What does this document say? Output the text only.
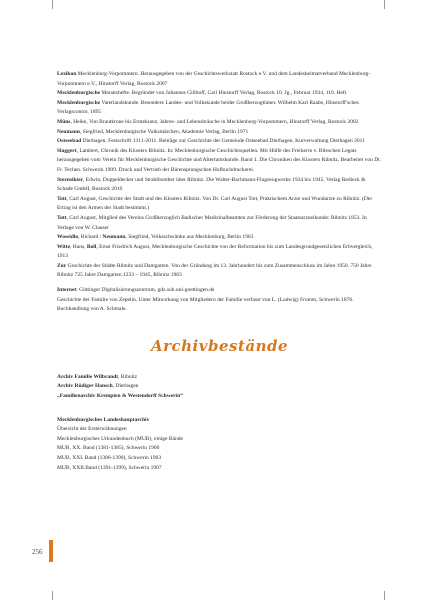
Lexikon Mecklenburg-Vorpommern. Herausgegeben von der Geschichtswerkstatt Rostock e.V. und dem Landesheimatverband Mecklenburg-Vorpommern e.V., Hinstorff Verlag, Rostock 2007

Mecklenburgische Monatshefte. Begründet von Johannes Gillhoff, Carl Hinstorff Verlag, Rostock 10. Jg., Februar 1934, 110. Heft

Mecklenburgische Vaterlandskunde. Besondere Landes- und Volkskunde beider Großherzogtümer. Wilhelm Karl Raabe, Hinstorff'sches Verlagscontor, 1895

Müns, Heike, Von Brautkrone bis Erntekranz, Jahres- und Lebensbräuche in Mecklenburg-Vorpommern, Hinstorff Verlag, Rostock 2002

Neumann, Siegfried, Mecklenburgische Volksmärchen, Akademie Verlag, Berlin 1971

Ostseebad Dierhagen, Festschrift 1311-2011. Beiträge zur Geschichte der Gemeinde Ostseebad Dierhagen, Kurverwaltung Dierhagen 2011

Slaggert, Lambert, Chronik des Klosters Ribnitz. In: Mecklenburgische Geschichtsquellen. Mit Hülfe des Freiherrn v. Bileschen Legats herausgegeben vom Verein für Mecklenburgische Geschichte und Altertumskunde. Band 1. Die Chroniken des Klosters Ribnitz. Bearbeitet von Dr. Fr. Techen. Schwerin 1909. Druck und Vertrieb der Bärensprungschen Hofbuchdruckerei.

Sternsikier, Edwin, Doppeldecker und Strahlbomber über Ribnitz. Die Walter-Bachmann-Flugzeugwerke 1934 bis 1945, Verlag Redieck & Schade GmbH, Rostock 2010

Tott, Carl August, Geschichte der Stadt und des Klosters Ribnitz. Von Dr. Carl August Tott, Praktischem Arzte und Wundarzte zu Ribnitz. (Der Ertrag ist den Armen der Stadt bestimmt.)

Tott, Carl August, Mitglied des Vereins Großherzoglich Badischer Medizinalbeamten zur Förderung der Staatsarzneikunde: Ribnitz 1853. In Verlage von W. Clauser

Wossidlo, Richard / Neumann, Siegfried, Volksschwänke aus Mecklenburg, Berlin 1963

Witte, Hans, Boll, Ernst Friedrich August, Mecklenburgische Geschichte von der Reformation bis zum Landesgrundgesetzlichen Erbvergleich, 1913

Zur Geschichte der Städte Ribnitz und Damgarten. Von der Gründung im 13. Jahrhundert bis zum Zusammenschluss im Jahre 1950. 750 Jahre Ribnitz 725 Jahre Damgarten.1233 – 1945, Ribnitz 1983

Internet: Göttinger Digitalisierungszentrum, gdz.sub.uni-goettingen.de

Geschichte der Familie von Zepelin. Unter Mitwirkung von Mitgliedern der Familie verfasst von L. (Ludwig) Fromm, Schwerin 1876. Buchhandlung von A. Schmale.

Archivbestände

Archiv Familie Wilbrandt, Ribnitz

Archiv Rüdiger Hansch, Dierhagen

„Familienarchiv Krempien & Westendorff Schwerin“

Mecklenburgisches Landeshauptarchiv

Übersicht der Ersterwähnungen

Mecklenburgisches Urkundenbuch (MUB), einige Bände

MUB, XX. Band (1381-1385), Schwerin 1900

MUB, XXI. Band (1386-1390), Schwerin 1903

MUB, XXII.Band (1391-1399), Schwerin 1907

256
